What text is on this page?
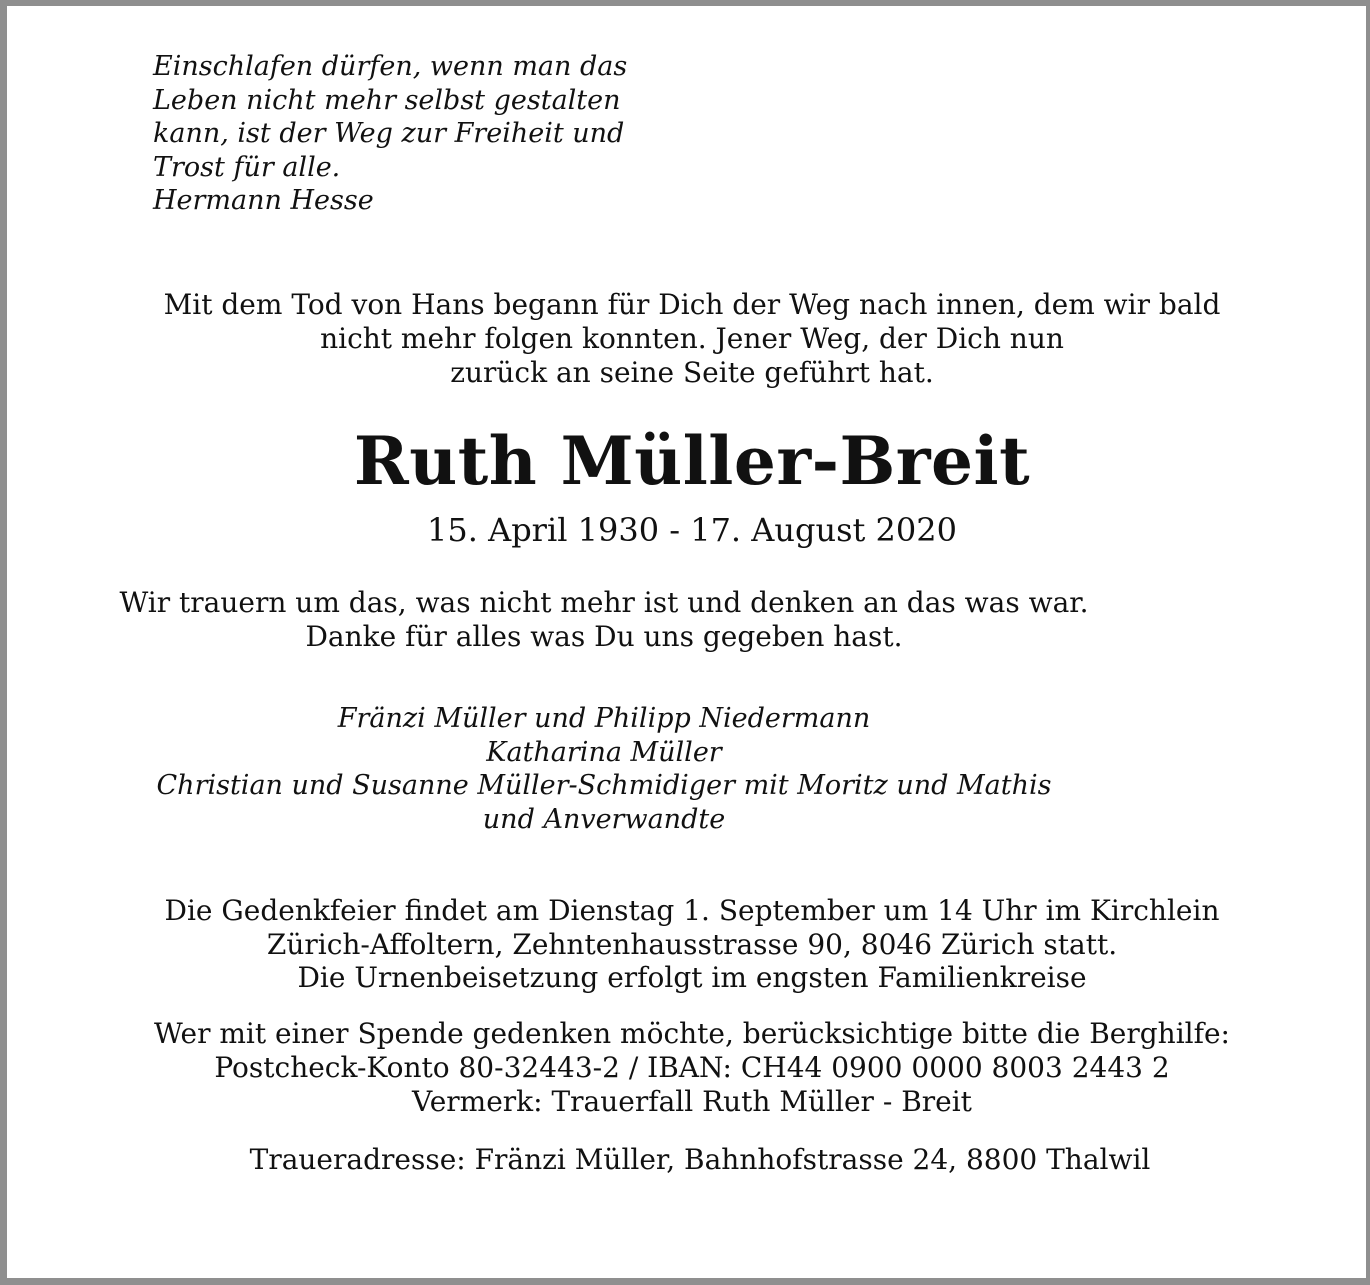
Einschlafen dürfen, wenn man das
Leben nicht mehr selbst gestalten
kann, ist der Weg zur Freiheit und
Trost für alle.
Hermann Hesse
Mit dem Tod von Hans begann für Dich der Weg nach innen, dem wir bald
nicht mehr folgen konnten. Jener Weg, der Dich nun
zurück an seine Seite geführt hat.
Ruth Müller-Breit
15. April 1930 - 17. August 2020
Wir trauern um das, was nicht mehr ist und denken an das was war.
Danke für alles was Du uns gegeben hast.
Fränzi Müller und Philipp Niedermann
Katharina Müller
Christian und Susanne Müller-Schmidiger mit Moritz und Mathis
und Anverwandte
Die Gedenkfeier findet am Dienstag 1. September um 14 Uhr im Kirchlein
Zürich-Affoltern, Zehntenhausstrasse 90, 8046 Zürich statt.
Die Urnenbeisetzung erfolgt im engsten Familienkreise
Wer mit einer Spende gedenken möchte, berücksichtige bitte die Berghilfe:
Postcheck-Konto 80-32443-2 / IBAN: CH44 0900 0000 8003 2443 2
Vermerk: Trauerfall Ruth Müller - Breit
Traueradresse: Fränzi Müller, Bahnhofstrasse 24, 8800 Thalwil
